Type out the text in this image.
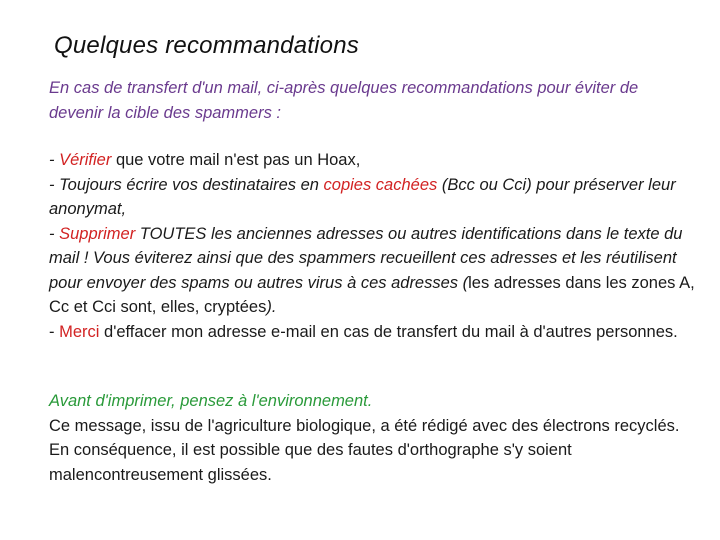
Quelques recommandations
En cas de transfert d'un mail, ci-après quelques recommandations pour éviter de devenir la cible des spammers :

- Vérifier que votre mail n'est pas un Hoax,

- Toujours écrire vos destinataires en copies cachées (Bcc ou Cci) pour préserver leur anonymat,

- Supprimer TOUTES les anciennes adresses ou autres identifications dans le texte du mail ! Vous éviterez ainsi que des spammers recueillent ces adresses et les réutilisent pour envoyer des spams ou autres virus à ces adresses (les adresses dans les zones A, Cc et Cci sont, elles, cryptées).

- Merci d'effacer mon adresse e-mail en cas de transfert du mail à d'autres personnes.

Avant d'imprimer, pensez à l'environnement.
Ce message, issu de l'agriculture biologique, a été rédigé avec des électrons recyclés. En conséquence, il est possible que des fautes d'orthographe s'y soient malencontreusement glissées.
